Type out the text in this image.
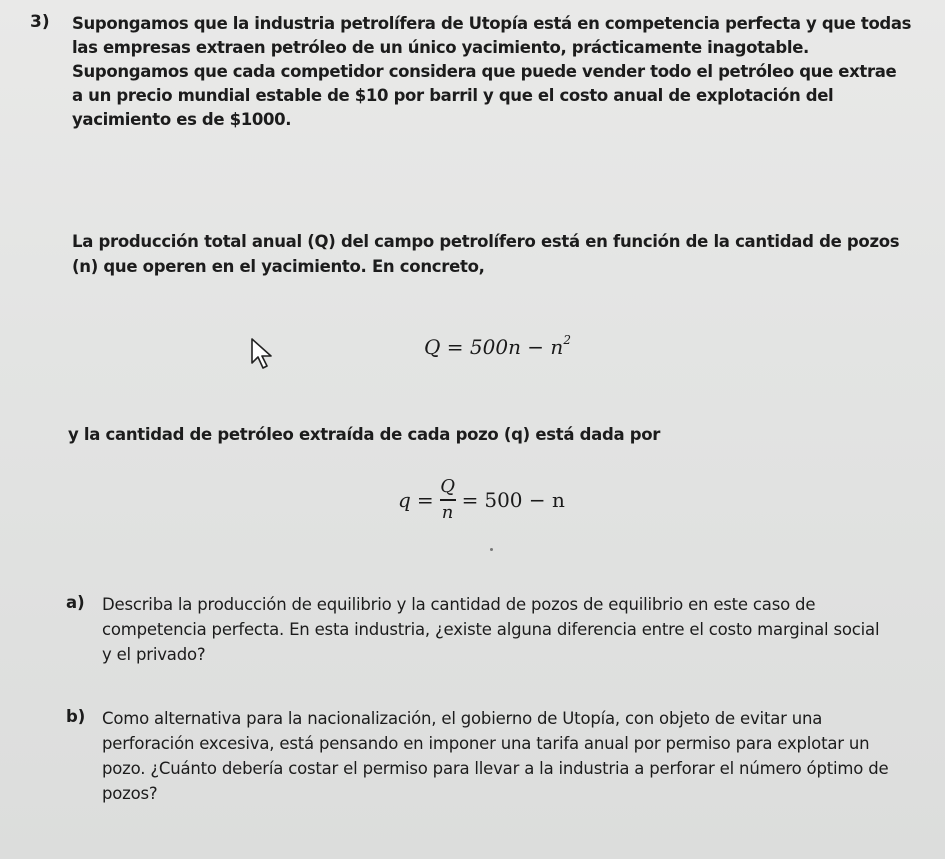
3) Supongamos que la industria petrolífera de Utopía está en competencia perfecta y que todas las empresas extraen petróleo de un único yacimiento, prácticamente inagotable. Supongamos que cada competidor considera que puede vender todo el petróleo que extrae a un precio mundial estable de $10 por barril y que el costo anual de explotación del yacimiento es de $1000.
La producción total anual (Q) del campo petrolífero está en función de la cantidad de pozos (n) que operen en el yacimiento. En concreto,
$Q = 500n - n^2$
y la cantidad de petróleo extraída de cada pozo (q) está dada por
$q = \frac{Q}{n} = 500 - n$
a) Describa la producción de equilibrio y la cantidad de pozos de equilibrio en este caso de competencia perfecta. En esta industria, ¿existe alguna diferencia entre el costo marginal social y el privado?
b) Como alternativa para la nacionalización, el gobierno de Utopía, con objeto de evitar una perforación excesiva, está pensando en imponer una tarifa anual por permiso para explotar un pozo. ¿Cuánto debería costar el permiso para llevar a la industria a perforar el número óptimo de pozos?
